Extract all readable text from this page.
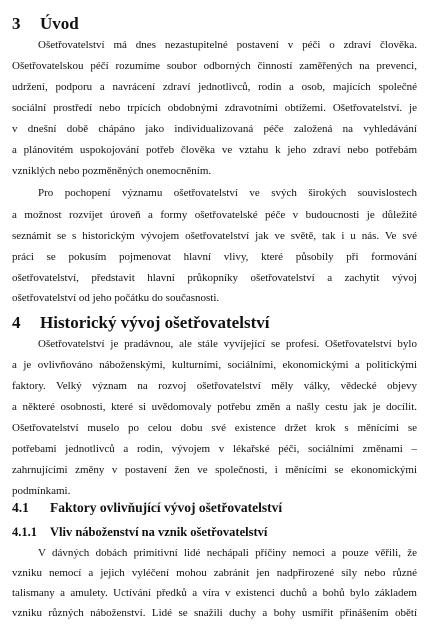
3 Úvod
Ošetřovatelství má dnes nezastupitelné postavení v péči o zdraví člověka.
Ošetřovatelskou péčí rozumíme soubor odborných činností zaměřených na prevenci,
udržení, podporu a navrácení zdraví jednotlivců, rodin a osob, majících společné
sociální prostředí nebo trpících obdobnými zdravotními obtížemi. Ošetřovatelství. je
v dnešní době chápáno jako individualizovaná péče založená na vyhledávání
a plánovitém uspokojování potřeb člověka ve vztahu k jeho zdraví nebo potřebám
vzniklých nebo pozměněných onemocněním.
Pro pochopení významu ošetřovatelství ve svých širokých souvislostech
a možnost rozvíjet úroveň a formy ošetřovatelské péče v budoucnosti je důležité
seznámit se s historickým vývojem ošetřovatelství jak ve světě, tak i u nás. Ve své
práci se pokusím pojmenovat hlavní vlivy, které působily při formování
ošetřovatelství, představit hlavní průkopníky ošetřovatelství a zachytit vývoj
ošetřovatelství od jeho počátku do současnosti.
4 Historický vývoj ošetřovatelství
Ošetřovatelství je pradávnou, ale stále vyvíjející se profesí. Ošetřovatelství bylo
a je ovlivňováno náboženskými, kulturními, sociálními, ekonomickými a politickými
faktory. Velký význam na rozvoj ošetřovatelství měly války, vědecké objevy
a některé osobnosti, které si uvědomovaly potřebu změn a našly cestu jak je docílit.
Ošetřovatelství muselo po celou dobu své existence držet krok s měnícími se
potřebami jednotlivců a rodin, vývojem v lékařské péči, sociálními změnami –
zahrnujícími změny v postavení žen ve společnosti, i měnícími se ekonomickými
podmínkami.
4.1 Faktory ovlivňující vývoj ošetřovatelství
4.1.1 Vliv náboženství na vznik ošetřovatelství
V dávných dobách primitivní lidé nechápali příčiny nemoci a pouze věřili, že
vzniku nemocí a jejich vyléčení mohou zabránit jen nadpřirozené síly nebo různé
talismany a amulety. Uctívání předků a víra v existenci duchů a bohů bylo základem
vzniku různých náboženství. Lidé se snažili duchy a bohy usmířit přinášením obětí
